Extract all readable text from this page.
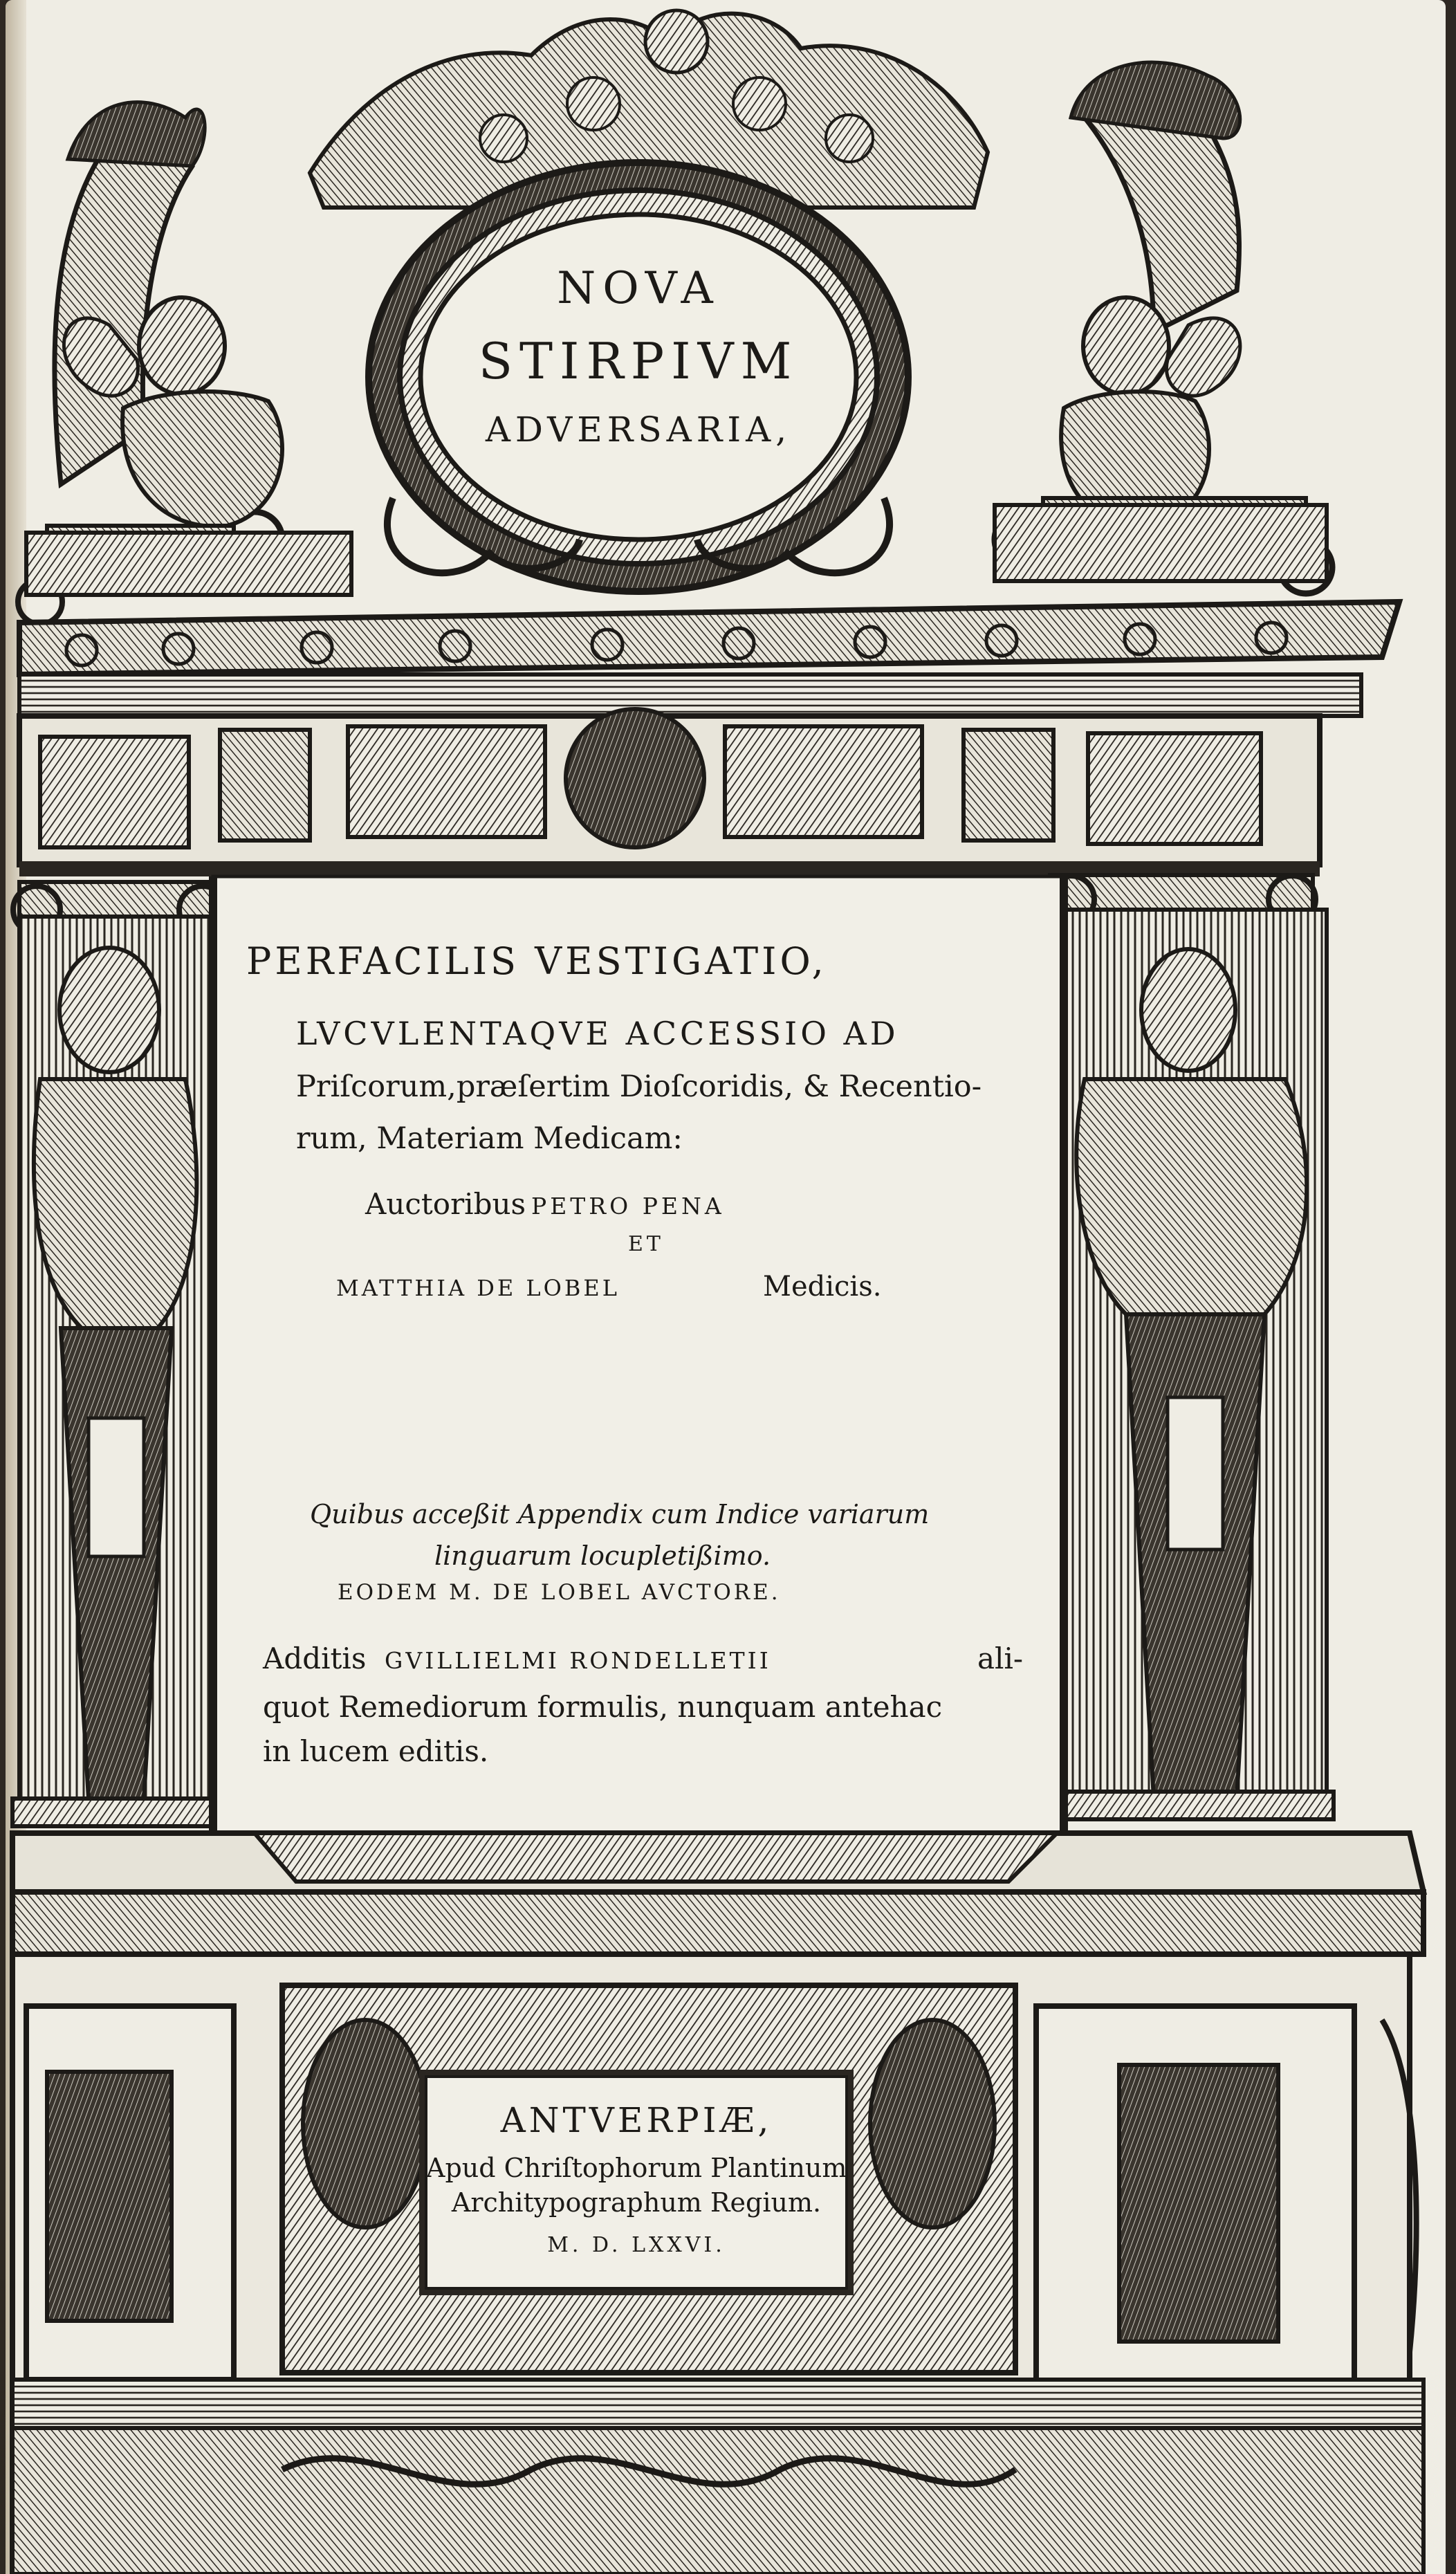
PERFACILIS VESTIGATIO,
LVCVLENTAQVE ACCESSIO AD
Priſcorum,præſertim Dioſcoridis, & Recentio-
rum, Materiam Medicam:
Auctoribus PETRO PENA
ET
MATTHIA DE LOBEL	Medicis.
Quibus acceßit Appendix cum Indice variarum
linguarum locupletißimo.
EODEM M. DE LOBEL AVCTORE.
Additis GVILLIELMI RONDELLETII	ali-
quot Remediorum formulis, nunquam antehac
in lucem editis.
NOVA
STIRPIVM
ADVERSARIA,
ANTVERPIÆ,
Apud Chriſtophorum Plantinum
Architypographum Regium.
M. D. LXXVI.
